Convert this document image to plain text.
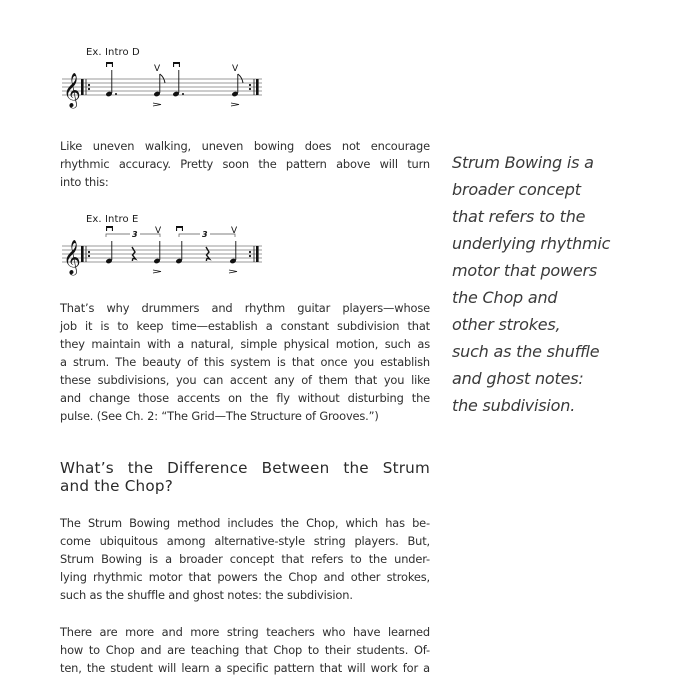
Ex. Intro D
𝄞
V	V
Like uneven walking, uneven bowing does not encourage
rhythmic accuracy. Pretty soon the pattern above will turn
into this:
Ex. Intro E
𝄞
3	3
V	V
That’s why drummers and rhythm guitar players—whose
job it is to keep time—establish a constant subdivision that
they maintain with a natural, simple physical motion, such as
a strum. The beauty of this system is that once you establish
these subdivisions, you can accent any of them that you like
and change those accents on the fly without disturbing the
pulse. (See Ch. 2: “The Grid—The Structure of Grooves.”)
What’s the Difference Between the Strum
and the Chop?
The Strum Bowing method includes the Chop, which has be-
come ubiquitous among alternative-style string players. But,
Strum Bowing is a broader concept that refers to the under-
lying rhythmic motor that powers the Chop and other strokes,
such as the shuffle and ghost notes: the subdivision.
There are more and more string teachers who have learned
how to Chop and are teaching that Chop to their students. Of-
ten, the student will learn a specific pattern that will work for a
Strum Bowing is a
broader concept
that refers to the
underlying rhythmic
motor that powers
the Chop and
other strokes,
such as the shuffle
and ghost notes:
the subdivision.
